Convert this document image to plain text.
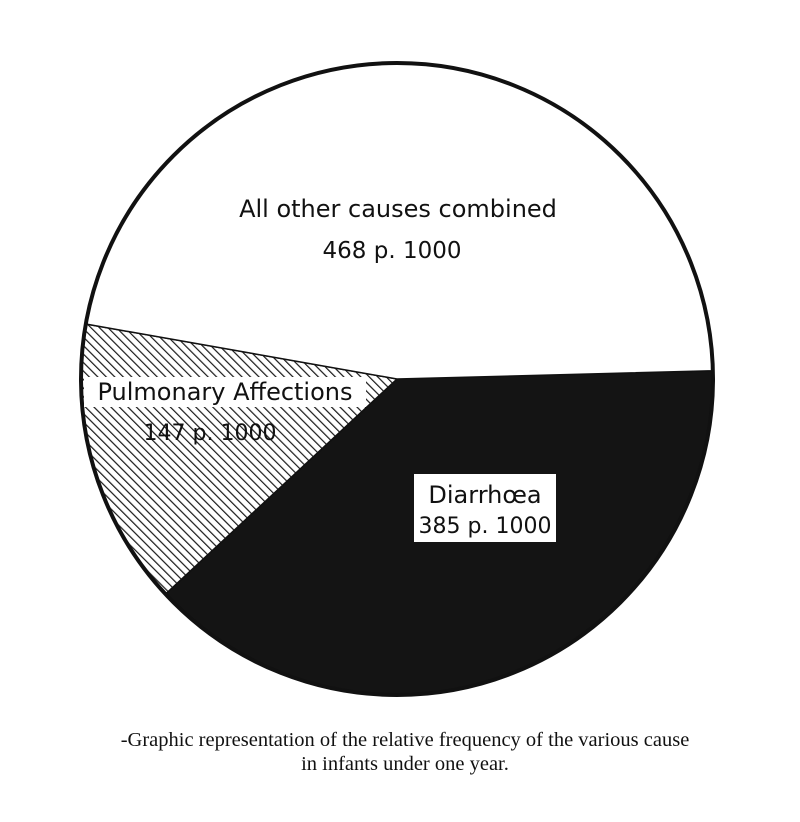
All other causes combined
468 p. 1000
Pulmonary Affections
147 p. 1000
Diarrhœa
385 p. 1000
-Graphic representation of the relative frequency of the various cause
in infants under one year.
